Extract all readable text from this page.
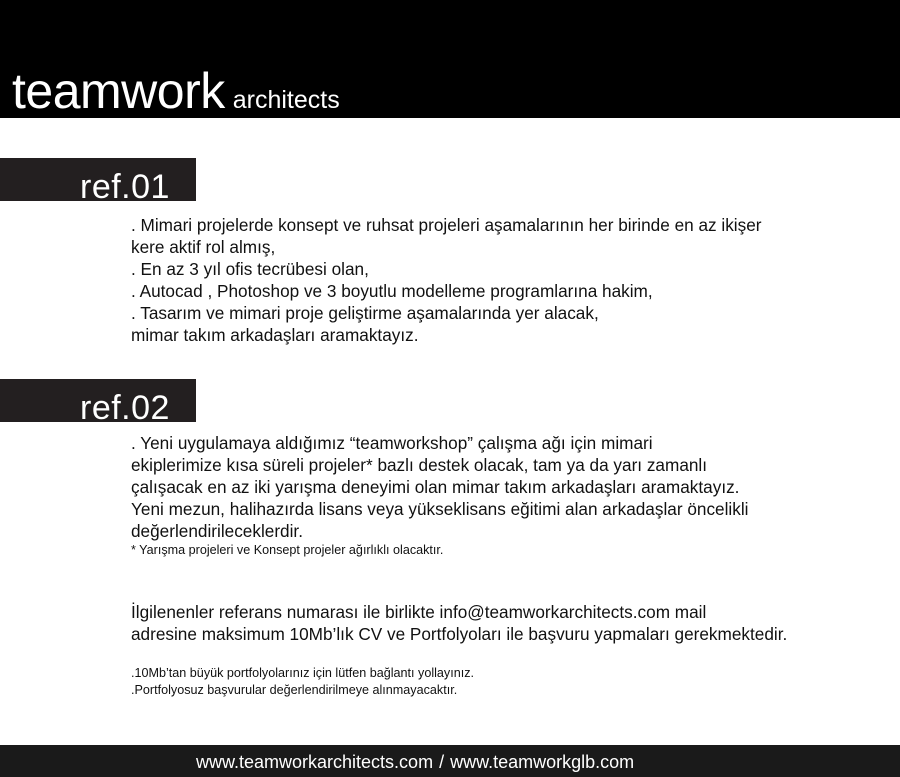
teamwork architects
ref.01

. Mimari projelerde konsept ve ruhsat projeleri aşamalarının her birinde en az ikişer

kere aktif rol almış,

. En az 3 yıl ofis tecrübesi olan,

. Autocad , Photoshop ve 3 boyutlu modelleme programlarına hakim,

. Tasarım ve mimari proje geliştirme aşamalarında yer alacak,

mimar takım arkadaşları aramaktayız.

ref.02

. Yeni uygulamaya aldığımız “teamworkshop” çalışma ağı için mimari

ekiplerimize kısa süreli projeler* bazlı destek olacak, tam ya da yarı zamanlı

çalışacak en az iki yarışma deneyimi olan mimar takım arkadaşları aramaktayız.

Yeni mezun, halihazırda lisans veya yükseklisans eğitimi alan arkadaşlar öncelikli

değerlendirileceklerdir.

* Yarışma projeleri ve Konsept projeler ağırlıklı olacaktır.

İlgilenenler referans numarası ile birlikte info@teamworkarchitects.com mail

adresine maksimum 10Mb’lık CV ve Portfolyoları ile başvuru yapmaları gerekmektedir.

.10Mb’tan büyük portfolyolarınız için lütfen bağlantı yollayınız.

.Portfolyosuz başvurular değerlendirilmeye alınmayacaktır.

www.teamworkarchitects.com / www.teamworkglb.com
